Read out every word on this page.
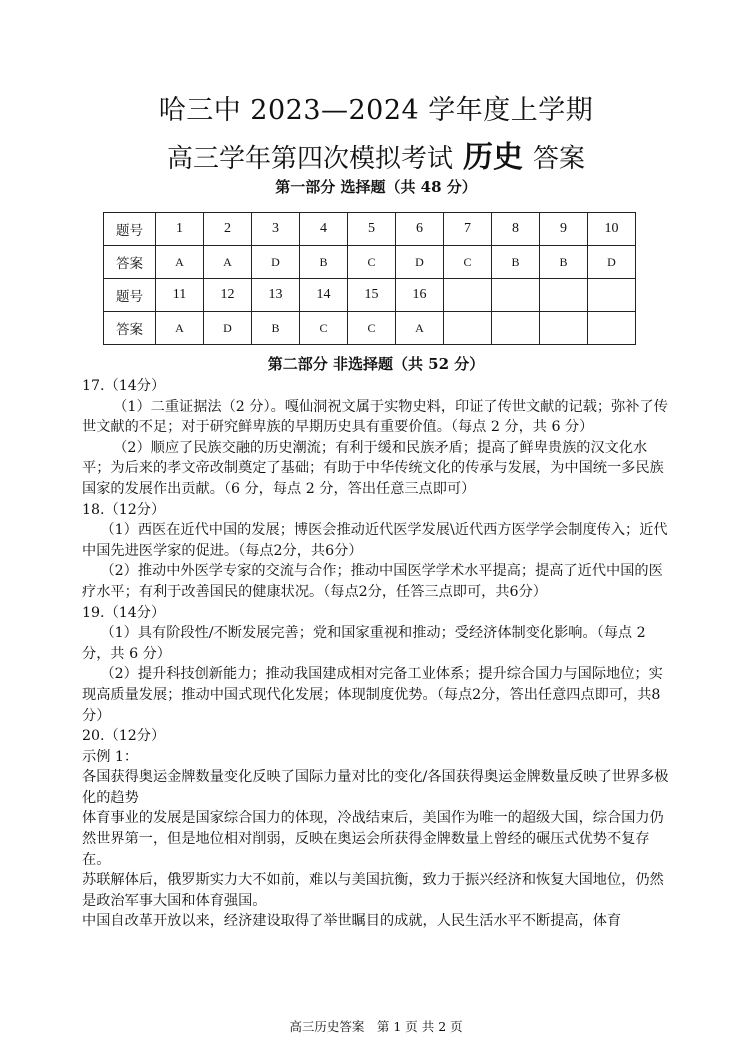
哈三中 2023—2024 学年度上学期
高三学年第四次模拟考试 历史 答案
第一部分 选择题（共 48 分）
题号	1	2	3	4	5	6	7	8	9	10
答案	A	A	D	B	C	D	C	B	B	D
题号	11	12	13	14	15	16				
答案	A	D	B	C	C	A				
第二部分 非选择题（共 52 分）

17.（14分）

（1）二重证据法（2 分）。嘎仙洞祝文属于实物史料，印证了传世文献的记载；弥补了传世文献的不足；对于研究鲜卑族的早期历史具有重要价值。（每点 2 分，共 6 分）

（2）顺应了民族交融的历史潮流；有利于缓和民族矛盾；提高了鲜卑贵族的汉文化水平；为后来的孝文帝改制奠定了基础；有助于中华传统文化的传承与发展，为中国统一多民族国家的发展作出贡献。（6 分，每点 2 分，答出任意三点即可）

18.（12分）

（1）西医在近代中国的发展；博医会推动近代医学发展\近代西方医学学会制度传入；近代中国先进医学家的促进。（每点2分，共6分）

（2）推动中外医学专家的交流与合作；推动中国医学学术水平提高；提高了近代中国的医疗水平；有利于改善国民的健康状况。（每点2分，任答三点即可，共6分）

19.（14分）

（1）具有阶段性/不断发展完善；党和国家重视和推动；受经济体制变化影响。（每点 2 分，共 6 分）

（2）提升科技创新能力；推动我国建成相对完备工业体系；提升综合国力与国际地位；实现高质量发展；推动中国式现代化发展；体现制度优势。（每点2分，答出任意四点即可，共8分）

20.（12分）

示例 1：

各国获得奥运金牌数量变化反映了国际力量对比的变化/各国获得奥运金牌数量反映了世界多极化的趋势

体育事业的发展是国家综合国力的体现，冷战结束后，美国作为唯一的超级大国，综合国力仍然世界第一，但是地位相对削弱，反映在奥运会所获得金牌数量上曾经的碾压式优势不复存在。

苏联解体后，俄罗斯实力大不如前，难以与美国抗衡，致力于振兴经济和恢复大国地位，仍然是政治军事大国和体育强国。

中国自改革开放以来，经济建设取得了举世瞩目的成就，人民生活水平不断提高，体育

高三历史答案　第 1 页 共 2 页
